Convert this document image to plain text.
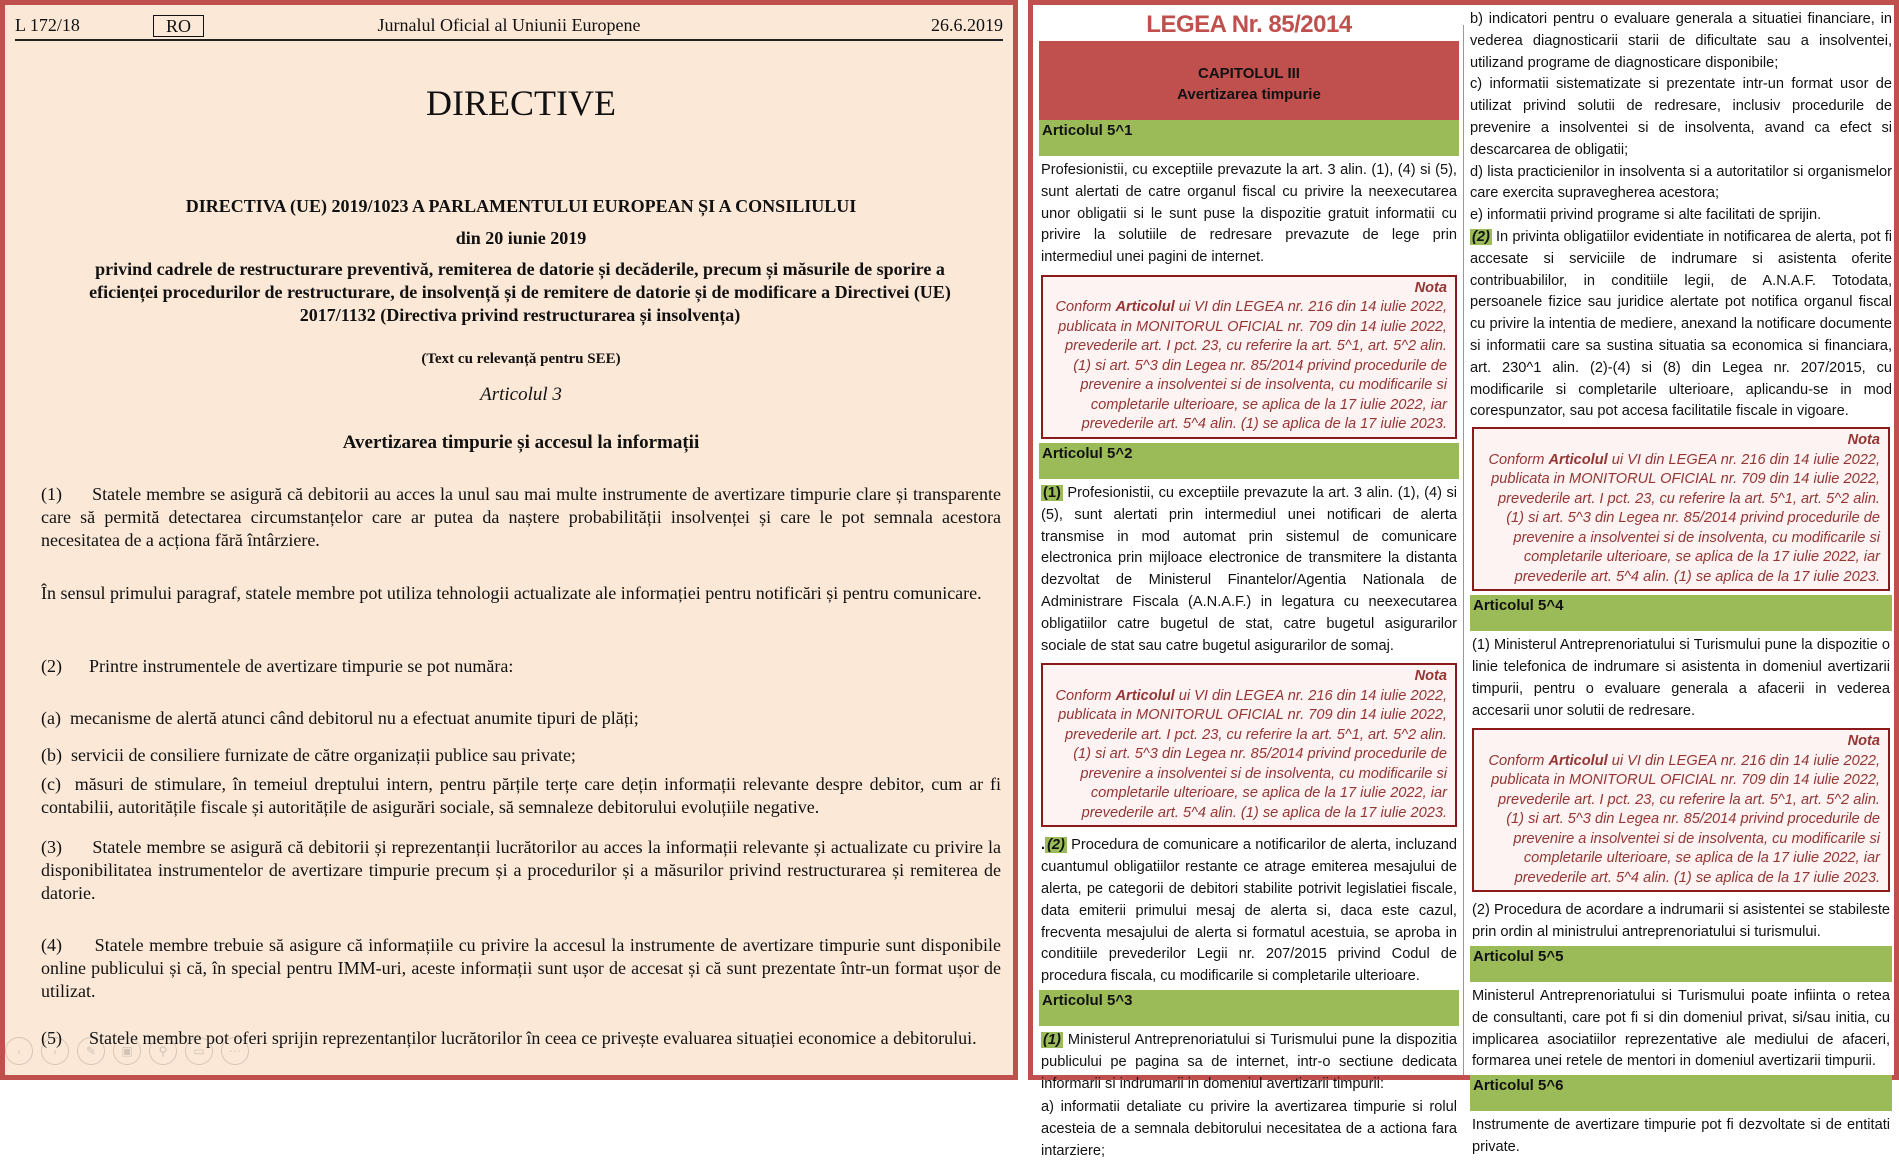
L 172/18	RO	Jurnalul Oficial al Uniunii Europene	26.6.2019
DIRECTIVE
DIRECTIVA (UE) 2019/1023 A PARLAMENTULUI EUROPEAN ȘI A CONSILIULUI
din 20 iunie 2019
privind cadrele de restructurare preventivă, remiterea de datorie și decăderile, precum și măsurile de sporire a eficienței procedurilor de restructurare, de insolvență și de remitere de datorie și de modificare a Directivei (UE) 2017/1132 (Directiva privind restructurarea și insolvența)
(Text cu relevanță pentru SEE)
Articolul 3
Avertizarea timpurie și accesul la informații
(1)      Statele membre se asigură că debitorii au acces la unul sau mai multe instrumente de avertizare timpurie clare și transparente care să permită detectarea circumstanțelor care ar putea da naștere probabilității insolvenței și care le pot semnala acestora necesitatea de a acționa fără întârziere.
În sensul primului paragraf, statele membre pot utiliza tehnologii actualizate ale informației pentru notificări și pentru comunicare.
(2)      Printre instrumentele de avertizare timpurie se pot număra:
(a)  mecanisme de alertă atunci când debitorul nu a efectuat anumite tipuri de plăți;
(b)  servicii de consiliere furnizate de către organizații publice sau private;
(c)  măsuri de stimulare, în temeiul dreptului intern, pentru părțile terțe care dețin informații relevante despre debitor, cum ar fi contabilii, autoritățile fiscale și autoritățile de asigurări sociale, să semnaleze debitorului evoluțiile negative.
(3)      Statele membre se asigură că debitorii și reprezentanții lucrătorilor au acces la informații relevante și actualizate cu privire la disponibilitatea instrumentelor de avertizare timpurie precum și a procedurilor și a măsurilor privind restructurarea și remiterea de datorie.
(4)      Statele membre trebuie să asigure că informațiile cu privire la accesul la instrumente de avertizare timpurie sunt disponibile online publicului și că, în special pentru IMM-uri, aceste informații sunt ușor de accesat și că sunt prezentate într-un format ușor de utilizat.
(5)      Statele membre pot oferi sprijin reprezentanților lucrătorilor în ceea ce privește evaluarea situației economice a debitorului.
‹	›	✎	▣	⚲	▭	···
LEGEA Nr. 85/2014
CAPITOLUL III
Avertizarea timpurie
Articolul 5^1
Profesionistii, cu exceptiile prevazute la art. 3 alin. (1), (4) si (5), sunt alertati de catre organul fiscal cu privire la neexecutarea unor obligatii si le sunt puse la dispozitie gratuit informatii cu privire la solutiile de redresare prevazute de lege prin intermediul unei pagini de internet.
Nota
Conform Articolul ui VI din LEGEA nr. 216 din 14 iulie 2022, publicata in MONITORUL OFICIAL nr. 709 din 14 iulie 2022, prevederile art. I pct. 23, cu referire la art. 5^1, art. 5^2 alin. (1) si art. 5^3 din Legea nr. 85/2014 privind procedurile de prevenire a insolventei si de insolventa, cu modificarile si completarile ulterioare, se aplica de la 17 iulie 2022, iar prevederile art. 5^4 alin. (1) se aplica de la 17 iulie 2023.
Articolul 5^2
(1) Profesionistii, cu exceptiile prevazute la art. 3 alin. (1), (4) si (5), sunt alertati prin intermediul unei notificari de alerta transmise in mod automat prin sistemul de comunicare electronica prin mijloace electronice de transmitere la distanta dezvoltat de Ministerul Finantelor/Agentia Nationala de Administrare Fiscala (A.N.A.F.) in legatura cu neexecutarea obligatiilor catre bugetul de stat, catre bugetul asigurarilor sociale de stat sau catre bugetul asigurarilor de somaj.
Nota
Conform Articolul ui VI din LEGEA nr. 216 din 14 iulie 2022, publicata in MONITORUL OFICIAL nr. 709 din 14 iulie 2022, prevederile art. I pct. 23, cu referire la art. 5^1, art. 5^2 alin. (1) si art. 5^3 din Legea nr. 85/2014 privind procedurile de prevenire a insolventei si de insolventa, cu modificarile si completarile ulterioare, se aplica de la 17 iulie 2022, iar prevederile art. 5^4 alin. (1) se aplica de la 17 iulie 2023.
. (2) Procedura de comunicare a notificarilor de alerta, incluzand cuantumul obligatiilor restante ce atrage emiterea mesajului de alerta, pe categorii de debitori stabilite potrivit legislatiei fiscale, data emiterii primului mesaj de alerta si, daca este cazul, frecventa mesajului de alerta si formatul acestuia, se aproba in conditiile prevederilor Legii nr. 207/2015 privind Codul de procedura fiscala, cu modificarile si completarile ulterioare.
Articolul 5^3
(1) Ministerul Antreprenoriatului si Turismului pune la dispozitia publicului pe pagina sa de internet, intr-o sectiune dedicata informarii si indrumarii in domeniul avertizarii timpurii:
a) informatii detaliate cu privire la avertizarea timpurie si rolul acesteia de a semnala debitorului necesitatea de a actiona fara intarziere;
b) indicatori pentru o evaluare generala a situatiei financiare, in vederea diagnosticarii starii de dificultate sau a insolventei, utilizand programe de diagnosticare disponibile;
c) informatii sistematizate si prezentate intr-un format usor de utilizat privind solutii de redresare, inclusiv procedurile de prevenire a insolventei si de insolventa, avand ca efect si descarcarea de obligatii;
d) lista practicienilor in insolventa si a autoritatilor si organismelor care exercita supravegherea acestora;
e) informatii privind programe si alte facilitati de sprijin.
(2) In privinta obligatiilor evidentiate in notificarea de alerta, pot fi accesate si serviciile de indrumare si asistenta oferite contribuabililor, in conditiile legii, de A.N.A.F. Totodata, persoanele fizice sau juridice alertate pot notifica organul fiscal cu privire la intentia de mediere, anexand la notificare documente si informatii care sa sustina situatia sa economica si financiara, art. 230^1 alin. (2)-(4) si (8) din Legea nr. 207/2015, cu modificarile si completarile ulterioare, aplicandu-se in mod corespunzator, sau pot accesa facilitatile fiscale in vigoare.
Nota
Conform Articolul ui VI din LEGEA nr. 216 din 14 iulie 2022, publicata in MONITORUL OFICIAL nr. 709 din 14 iulie 2022, prevederile art. I pct. 23, cu referire la art. 5^1, art. 5^2 alin. (1) si art. 5^3 din Legea nr. 85/2014 privind procedurile de prevenire a insolventei si de insolventa, cu modificarile si completarile ulterioare, se aplica de la 17 iulie 2022, iar prevederile art. 5^4 alin. (1) se aplica de la 17 iulie 2023.
Articolul 5^4
(1) Ministerul Antreprenoriatului si Turismului pune la dispozitie o linie telefonica de indrumare si asistenta in domeniul avertizarii timpurii, pentru o evaluare generala a afacerii in vederea accesarii unor solutii de redresare.
Nota
Conform Articolul ui VI din LEGEA nr. 216 din 14 iulie 2022, publicata in MONITORUL OFICIAL nr. 709 din 14 iulie 2022, prevederile art. I pct. 23, cu referire la art. 5^1, art. 5^2 alin. (1) si art. 5^3 din Legea nr. 85/2014 privind procedurile de prevenire a insolventei si de insolventa, cu modificarile si completarile ulterioare, se aplica de la 17 iulie 2022, iar prevederile art. 5^4 alin. (1) se aplica de la 17 iulie 2023.
(2) Procedura de acordare a indrumarii si asistentei se stabileste prin ordin al ministrului antreprenoriatului si turismului.
Articolul 5^5
Ministerul Antreprenoriatului si Turismului poate infiinta o retea de consultanti, care pot fi si din domeniul privat, si/sau initia, cu implicarea asociatiilor reprezentative ale mediului de afaceri, formarea unei retele de mentori in domeniul avertizarii timpurii.
Articolul 5^6
Instrumente de avertizare timpurie pot fi dezvoltate si de entitati private.
